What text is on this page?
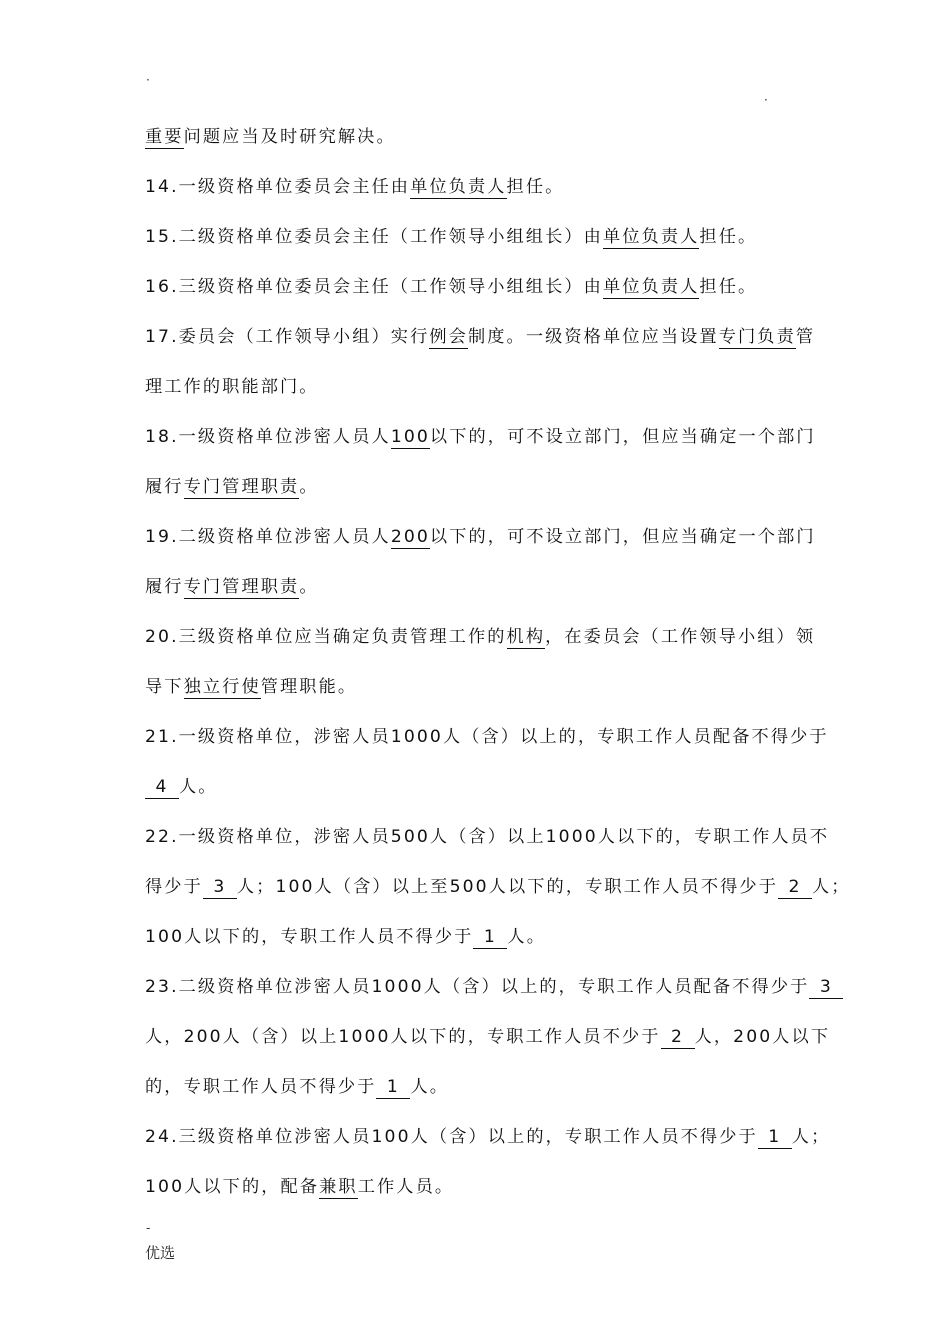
·
·
重要问题应当及时研究解决。
14.一级资格单位委员会主任由单位负责人担任。
15.二级资格单位委员会主任（工作领导小组组长）由单位负责人担任。
16.三级资格单位委员会主任（工作领导小组组长）由单位负责人担任。
17.委员会（工作领导小组）实行例会制度。一级资格单位应当设置专门负责管
理工作的职能部门。
18.一级资格单位涉密人员人100以下的，可不设立部门，但应当确定一个部门
履行专门管理职责。
19.二级资格单位涉密人员人200以下的，可不设立部门，但应当确定一个部门
履行专门管理职责。
20.三级资格单位应当确定负责管理工作的机构，在委员会（工作领导小组）领
导下独立行使管理职能。
21.一级资格单位，涉密人员1000人（含）以上的，专职工作人员配备不得少于
4 人。
22.一级资格单位，涉密人员500人（含）以上1000人以下的，专职工作人员不
得少于 3 人；100人（含）以上至500人以下的，专职工作人员不得少于 2 人；
100人以下的，专职工作人员不得少于 1 人。
23.二级资格单位涉密人员1000人（含）以上的，专职工作人员配备不得少于 3
人，200人（含）以上1000人以下的，专职工作人员不少于 2 人，200人以下
的，专职工作人员不得少于 1 人。
24.三级资格单位涉密人员100人（含）以上的，专职工作人员不得少于 1 人；
100人以下的，配备兼职工作人员。
-
优选
